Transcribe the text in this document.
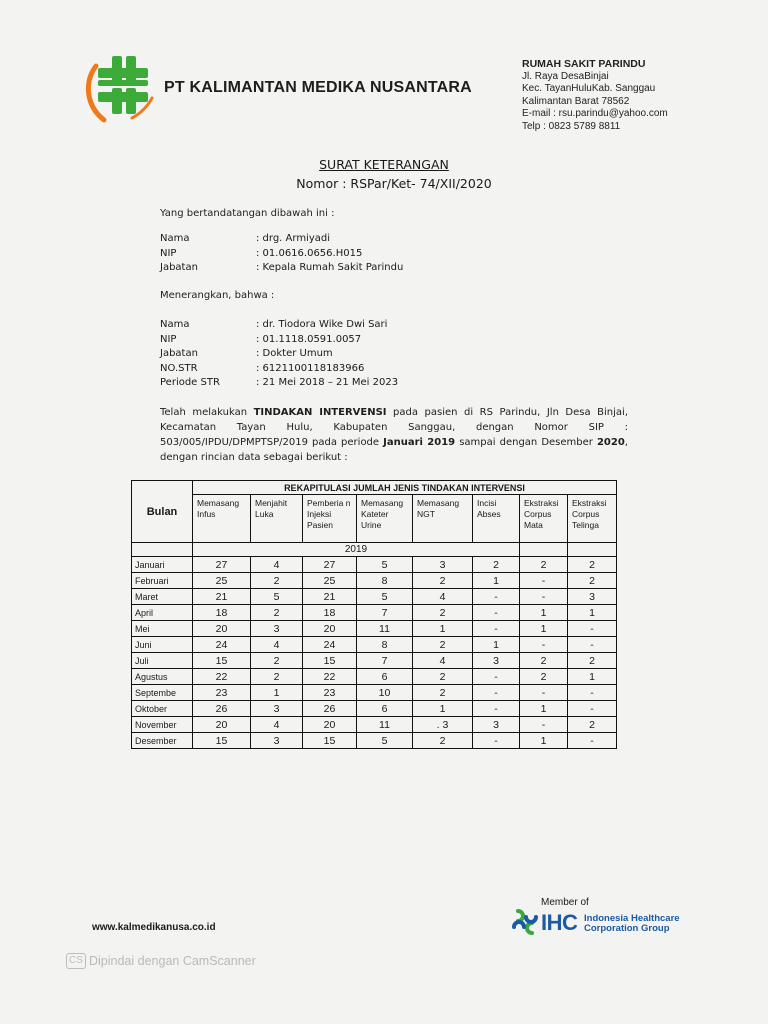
PT KALIMANTAN MEDIKA NUSANTARA
RUMAH SAKIT PARINDU
Jl. Raya DesaBinjai
Kec. TayanHuluKab. Sanggau
Kalimantan Barat 78562
E-mail : rsu.parindu@yahoo.com
Telp : 0823 5789 8811
SURAT KETERANGAN
Nomor : RSPar/Ket- 74/XII/2020
Yang bertandatangan dibawah ini :
Nama	: drg. Armiyadi
NIP	: 01.0616.0656.H015
Jabatan	: Kepala Rumah Sakit Parindu
Menerangkan, bahwa :
Nama	: dr. Tiodora Wike Dwi Sari
NIP	: 01.1118.0591.0057
Jabatan	: Dokter Umum
NO.STR	: 6121100118183966
Periode STR	: 21 Mei 2018 – 21 Mei 2023
Telah melakukan TINDAKAN INTERVENSI pada pasien di RS Parindu, Jln Desa Binjai, Kecamatan Tayan Hulu, Kabupaten Sanggau, dengan Nomor SIP : 503/005/IPDU/DPMPTSP/2019 pada periode Januari 2019 sampai dengan Desember 2020, dengan rincian data sebagai berikut :
Bulan	REKAPITULASI JUMLAH JENIS TINDAKAN INTERVENSI							
	Memasang Infus	Menjahit Luka	Pemberia n Injeksi Pasien	Memasang Kateter Urine	Memasang NGT	Incisi Abses	Ekstraksi Corpus Mata	Ekstraksi Corpus Telinga
	2019							
Januari	27	4	27	5	3	2	2	2
Februari	25	2	25	8	2	1	-	2
Maret	21	5	21	5	4	-	-	3
April	18	2	18	7	2	-	1	1
Mei	20	3	20	11	1	-	1	-
Juni	24	4	24	8	2	1	-	-
Juli	15	2	15	7	4	3	2	2
Agustus	22	2	22	6	2	-	2	1
Septembe	23	1	23	10	2	-	-	-
Oktober	26	3	26	6	1	-	1	-
November	20	4	20	11	. 3	3	-	2
Desember	15	3	15	5	2	-	1	-
www.kalmedikanusa.co.id
Member of
IHC Indonesia Healthcare
Corporation Group
CS Dipindai dengan CamScanner
